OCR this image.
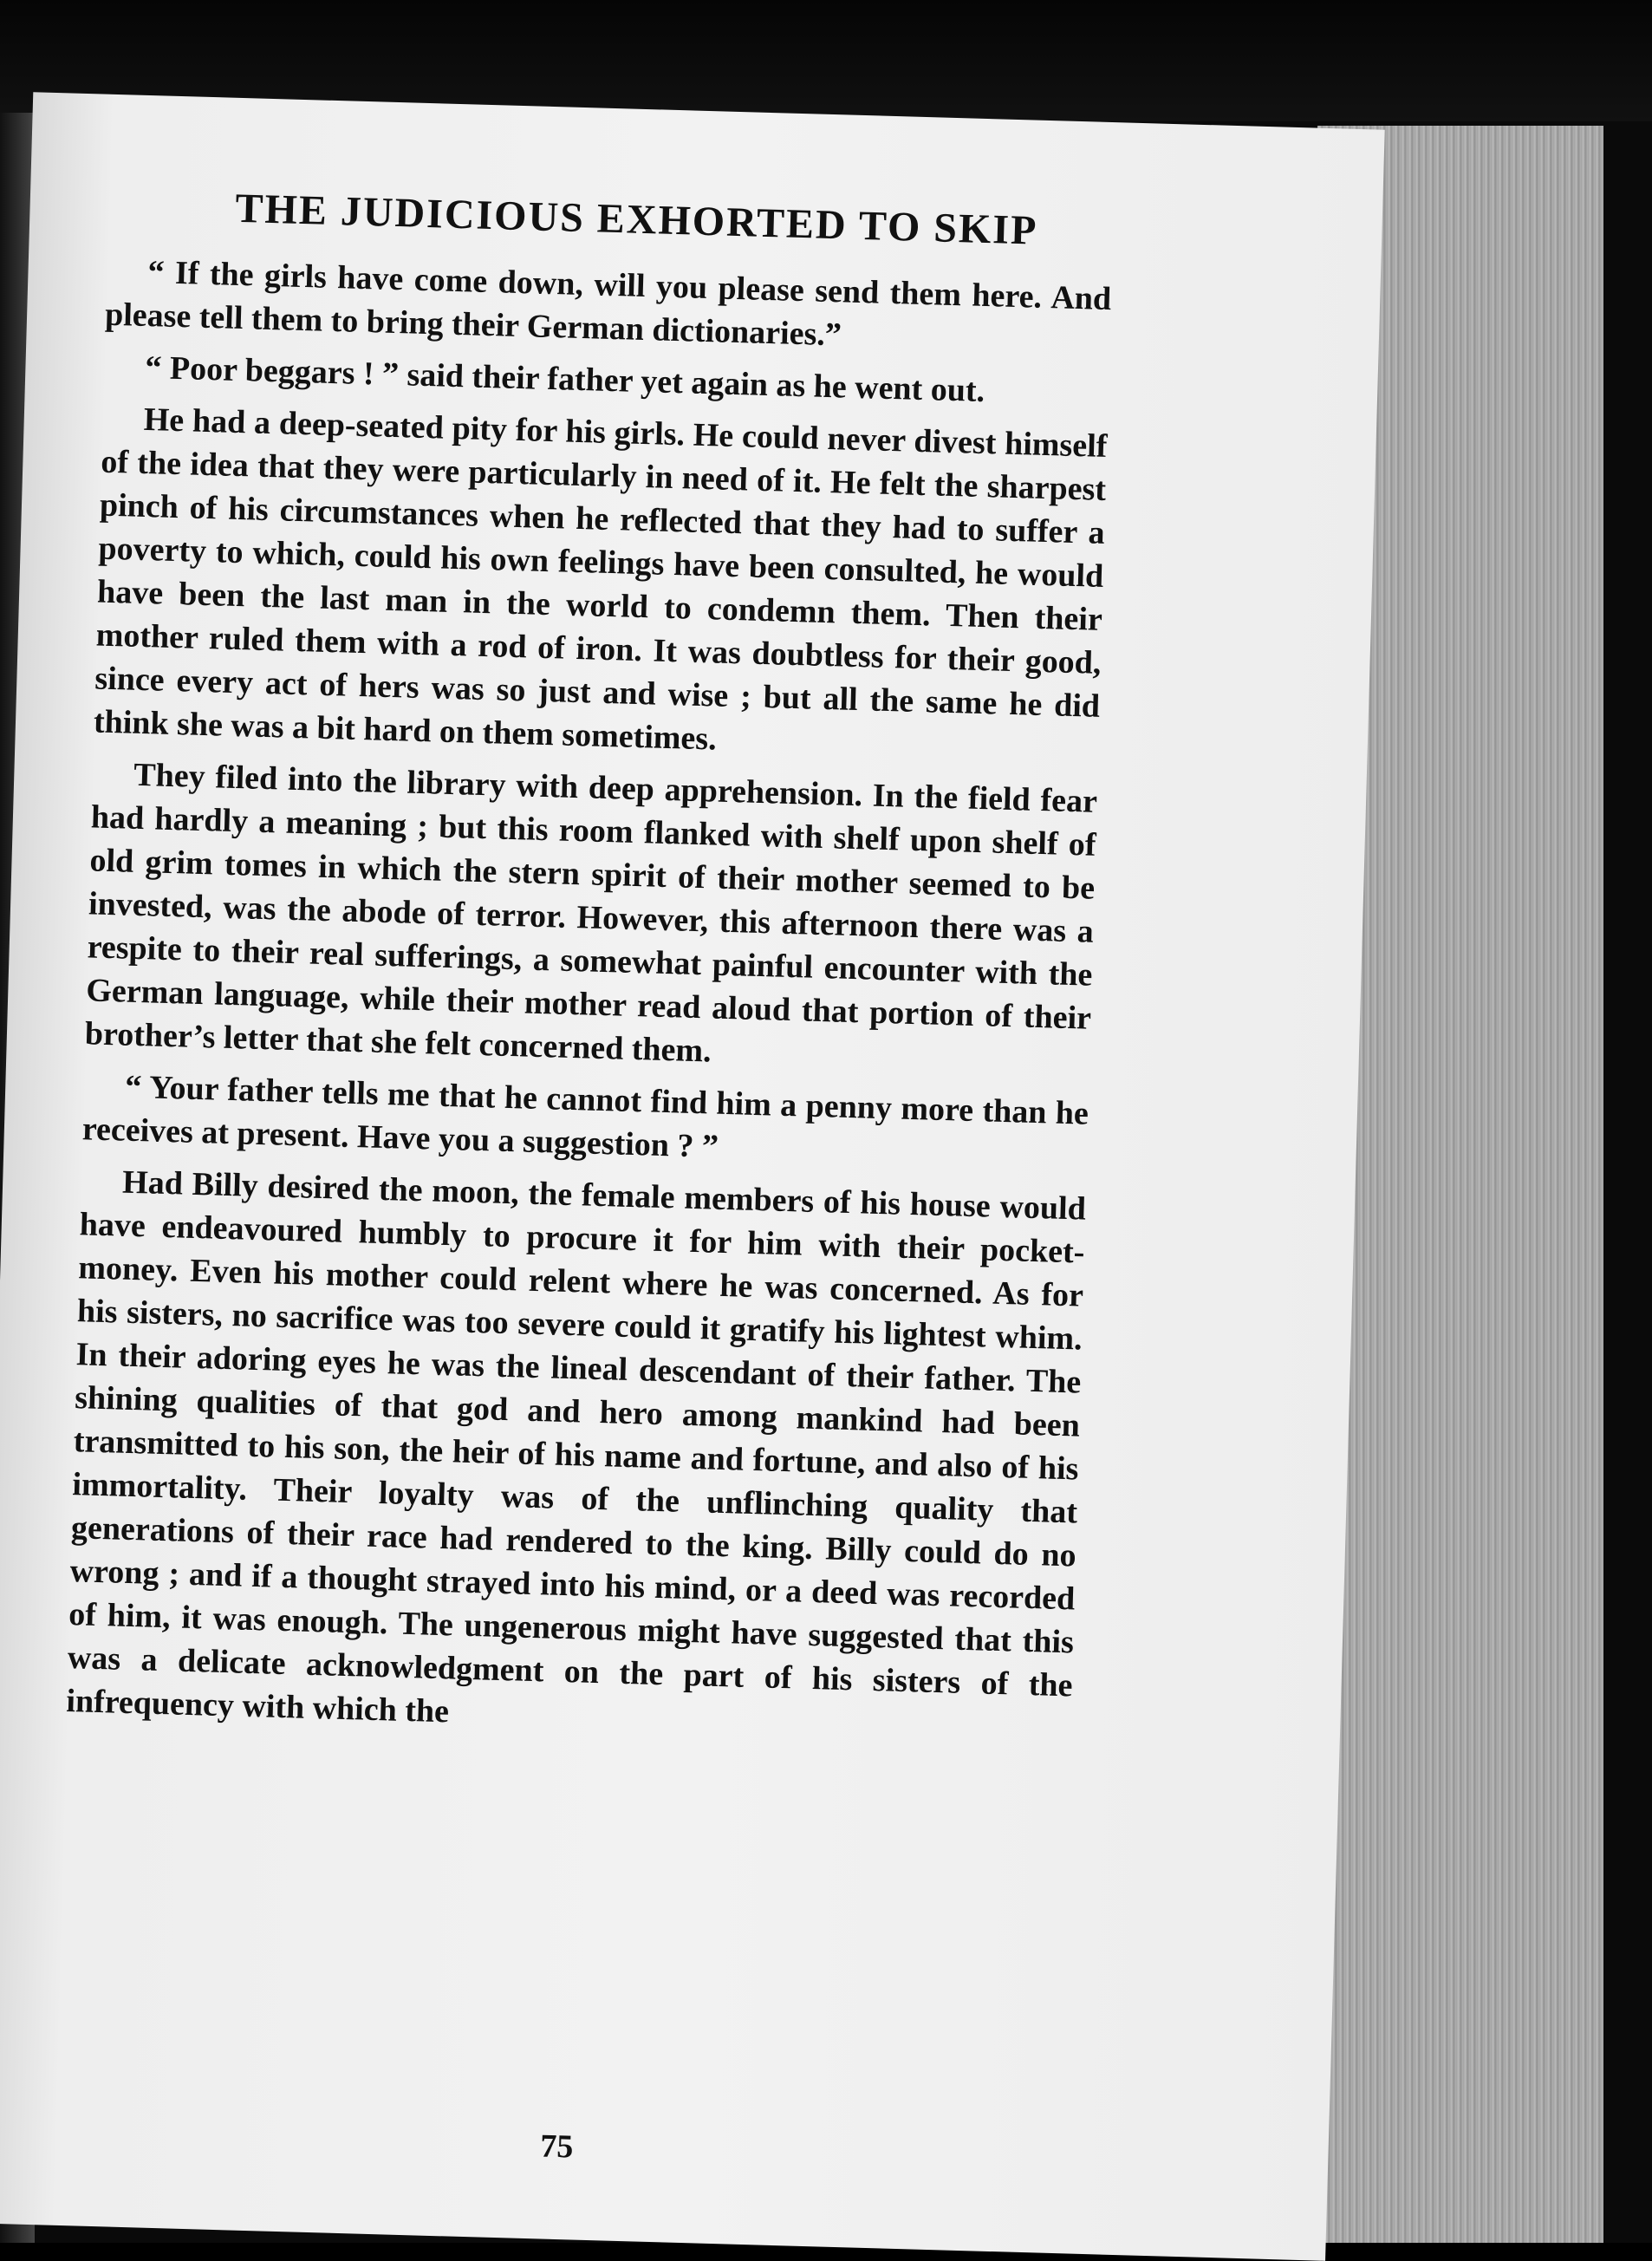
THE JUDICIOUS EXHORTED TO SKIP

“ If the girls have come down, will you please send them here. And please tell them to bring their German dictionaries.”

“ Poor beggars ! ” said their father yet again as he went out.

He had a deep-seated pity for his girls. He could never divest himself of the idea that they were particularly in need of it. He felt the sharpest pinch of his circumstances when he reflected that they had to suffer a poverty to which, could his own feelings have been consulted, he would have been the last man in the world to condemn them. Then their mother ruled them with a rod of iron. It was doubtless for their good, since every act of hers was so just and wise ; but all the same he did think she was a bit hard on them sometimes.

They filed into the library with deep apprehension. In the field fear had hardly a meaning ; but this room flanked with shelf upon shelf of old grim tomes in which the stern spirit of their mother seemed to be invested, was the abode of terror. However, this afternoon there was a respite to their real sufferings, a somewhat painful encounter with the German language, while their mother read aloud that portion of their brother’s letter that she felt concerned them.

“ Your father tells me that he cannot find him a penny more than he receives at present. Have you a suggestion ? ”

Had Billy desired the moon, the female members of his house would have endeavoured humbly to procure it for him with their pocket-money. Even his mother could relent where he was concerned. As for his sisters, no sacrifice was too severe could it gratify his lightest whim. In their adoring eyes he was the lineal descendant of their father. The shining qualities of that god and hero among mankind had been transmitted to his son, the heir of his name and fortune, and also of his immortality. Their loyalty was of the unflinching quality that generations of their race had rendered to the king. Billy could do no wrong ; and if a thought strayed into his mind, or a deed was recorded of him, it was enough. The ungenerous might have suggested that this was a delicate acknowledgment on the part of his sisters of the infrequency with which the

75
